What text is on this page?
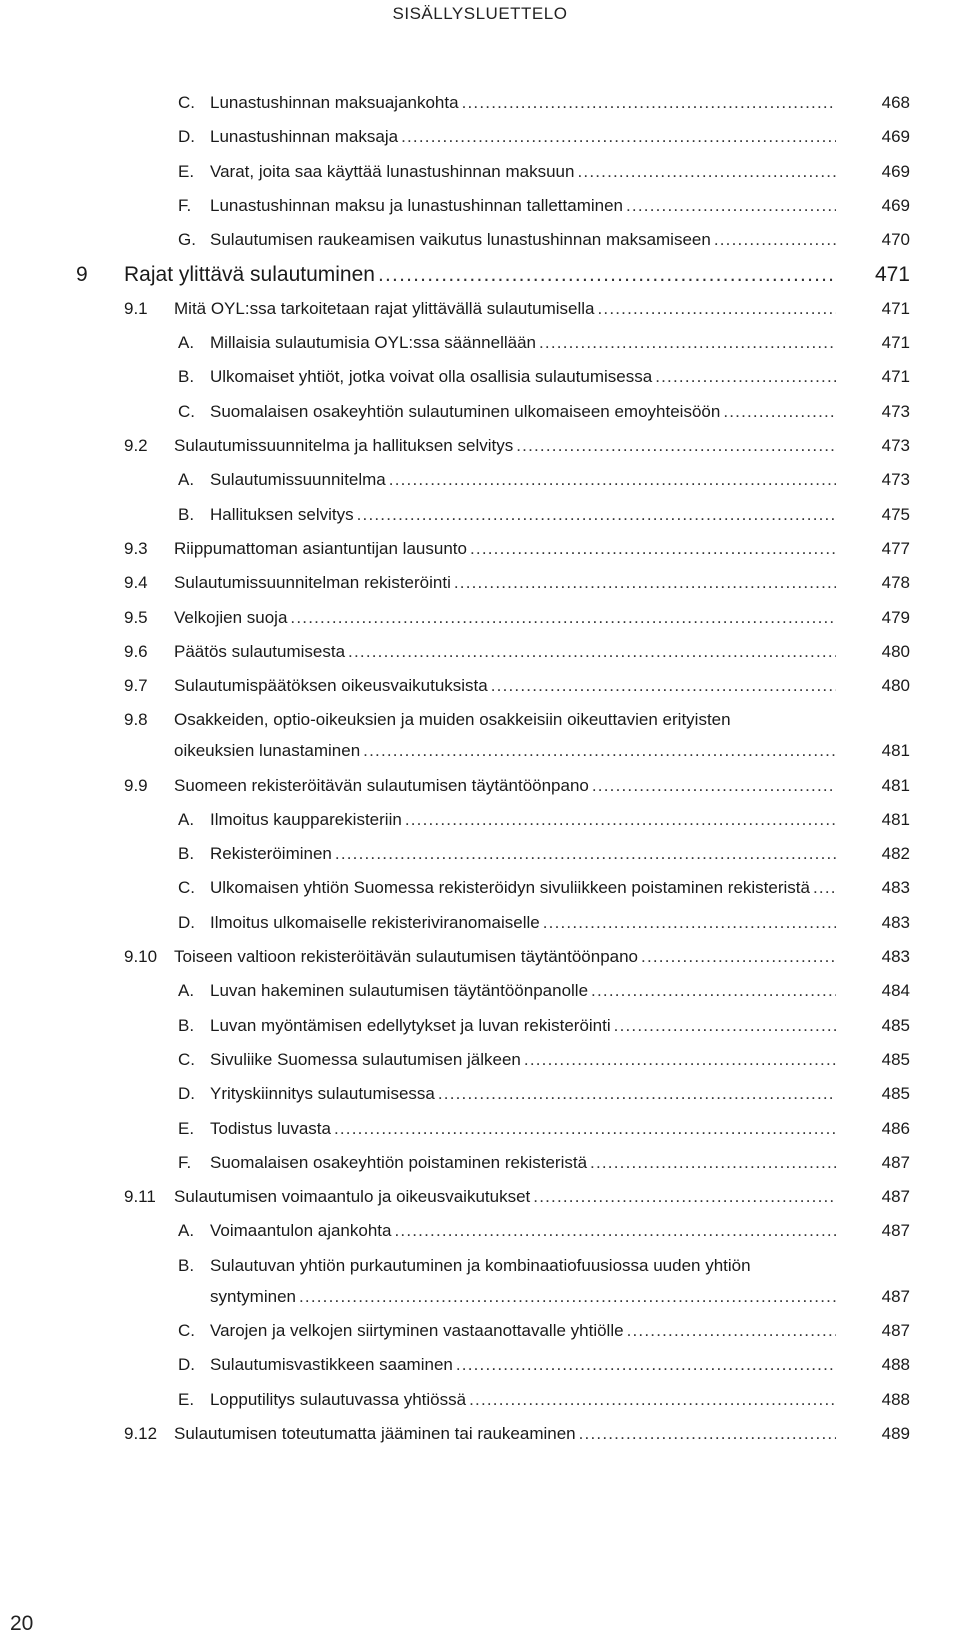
SISÄLLYSLUETTELO
C. Lunastushinnan maksuajankohta .....	468
D. Lunastushinnan maksaja .....	469
E. Varat, joita saa käyttää lunastushinnan maksuun .....	469
F. Lunastushinnan maksu ja lunastushinnan tallettaminen .....	469
G. Sulautumisen raukeamisen vaikutus lunastushinnan maksamiseen .....	470
9 Rajat ylittävä sulautuminen .....	471
9.1 Mitä OYL:ssa tarkoitetaan rajat ylittävällä sulautumisella .....	471
A. Millaisia sulautumisia OYL:ssa säännellään .....	471
B. Ulkomaiset yhtiöt, jotka voivat olla osallisia sulautumisessa .....	471
C. Suomalaisen osakeyhtiön sulautuminen ulkomaiseen emoyhteisöön .....	473
9.2 Sulautumissuunnitelma ja hallituksen selvitys .....	473
A. Sulautumissuunnitelma .....	473
B. Hallituksen selvitys .....	475
9.3 Riippumattoman asiantuntijan lausunto .....	477
9.4 Sulautumissuunnitelman rekisteröinti .....	478
9.5 Velkojien suoja .....	479
9.6 Päätös sulautumisesta .....	480
9.7 Sulautumispäätöksen oikeusvaikutuksista .....	480
9.8 Osakkeiden, optio-oikeuksien ja muiden osakkeisiin oikeuttavien erityisten
oikeuksien lunastaminen .....	481
9.9 Suomeen rekisteröitävän sulautumisen täytäntöönpano .....	481
A. Ilmoitus kaupparekisteriin .....	481
B. Rekisteröiminen .....	482
C. Ulkomaisen yhtiön Suomessa rekisteröidyn sivuliikkeen poistaminen rekisteristä .....	483
D. Ilmoitus ulkomaiselle rekisteriviranomaiselle .....	483
9.10 Toiseen valtioon rekisteröitävän sulautumisen täytäntöönpano .....	483
A. Luvan hakeminen sulautumisen täytäntöönpanolle .....	484
B. Luvan myöntämisen edellytykset ja luvan rekisteröinti .....	485
C. Sivuliike Suomessa sulautumisen jälkeen .....	485
D. Yrityskiinnitys sulautumisessa .....	485
E. Todistus luvasta .....	486
F. Suomalaisen osakeyhtiön poistaminen rekisteristä .....	487
9.11 Sulautumisen voimaantulo ja oikeusvaikutukset .....	487
A. Voimaantulon ajankohta .....	487
B. Sulautuvan yhtiön purkautuminen ja kombinaatiofuusiossa uuden yhtiön
syntyminen .....	487
C. Varojen ja velkojen siirtyminen vastaanottavalle yhtiölle .....	487
D. Sulautumisvastikkeen saaminen .....	488
E. Lopputilitys sulautuvassa yhtiössä .....	488
9.12 Sulautumisen toteutumatta jääminen tai raukeaminen .....	489
20
